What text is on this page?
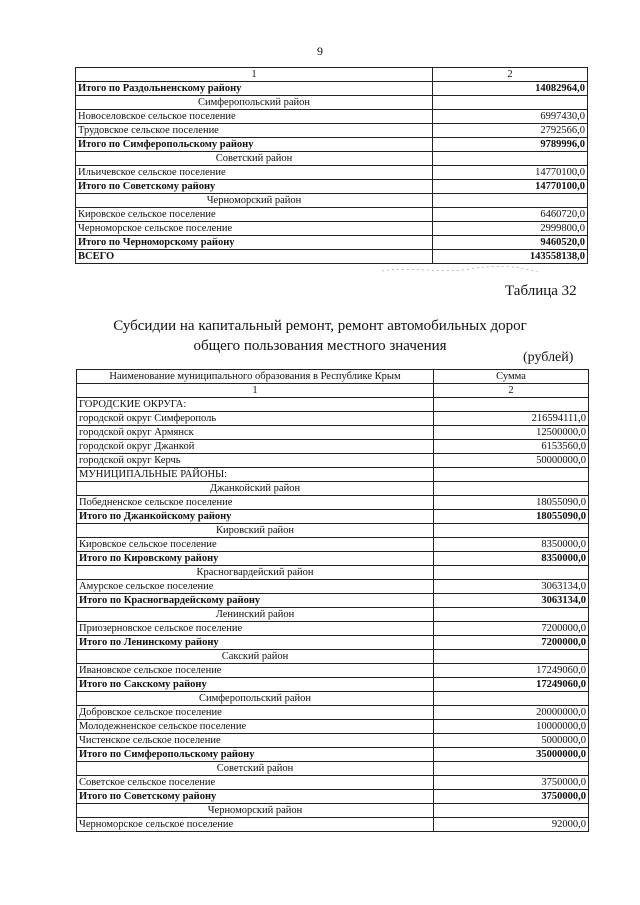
9
1	2
Итого по Раздольненскому району	14082964,0
Симферопольский район	
Новоселовское сельское поселение	6997430,0
Трудовское сельское поселение	2792566,0
Итого по Симферопольскому району	9789996,0
Советский район	
Ильичевское сельское поселение	14770100,0
Итого по Советскому району	14770100,0
Черноморский район	
Кировское сельское поселение	6460720,0
Черноморское сельское поселение	2999800,0
Итого по Черноморскому району	9460520,0
ВСЕГО	143558138,0
Таблица 32
Субсидии на капитальный ремонт, ремонт автомобильных дорог
общего пользования местного значения
(рублей)
Наименование муниципального образования в Республике Крым	Сумма
1	2
ГОРОДСКИЕ ОКРУГА:	
городской округ Симферополь	216594111,0
городской округ Армянск	12500000,0
городской округ Джанкой	6153560,0
городской округ Керчь	50000000,0
МУНИЦИПАЛЬНЫЕ РАЙОНЫ:	
Джанкойский район	
Победненское сельское поселение	18055090,0
Итого по Джанкойскому району	18055090,0
Кировский район	
Кировское сельское поселение	8350000,0
Итого по Кировскому району	8350000,0
Красногвардейский район	
Амурское сельское поселение	3063134,0
Итого по Красногвардейскому району	3063134,0
Ленинский район	
Приозерновское сельское поселение	7200000,0
Итого по Ленинскому району	7200000,0
Сакский район	
Ивановское сельское поселение	17249060,0
Итого по Сакскому району	17249060,0
Симферопольский район	
Добровское сельское поселение	20000000,0
Молодежненское сельское поселение	10000000,0
Чистенское сельское поселение	5000000,0
Итого по Симферопольскому району	35000000,0
Советский район	
Советское сельское поселение	3750000,0
Итого по Советскому району	3750000,0
Черноморский район	
Черноморское сельское поселение	92000,0
